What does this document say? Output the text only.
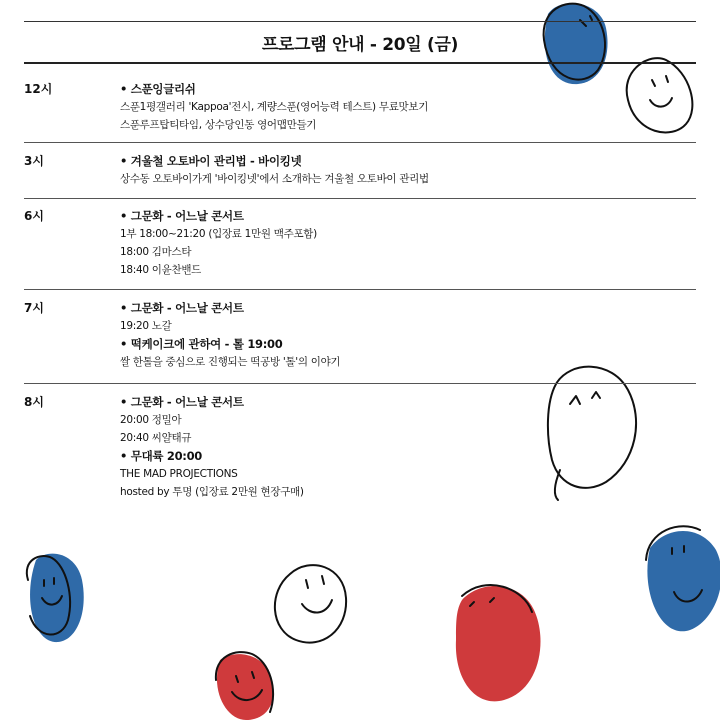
프로그램 안내 - 20일 (금)
12시	• 스푼잉글리쉬
스푼1평갤러리 'Kappoa'전시, 계량스푼(영어능력 테스트) 무료맛보기
스푼루프탑티타임, 상수당인동 영어맵만들기
3시	• 겨울철 오토바이 관리법 - 바이킹넷
상수동 오토바이가게 '바이킹넷'에서 소개하는 겨울철 오토바이 관리법
6시	• 그문화 - 어느날 콘서트
1부 18:00~21:20 (입장료 1만원 맥주포함)
18:00 김마스타
18:40 이윤찬밴드
7시	• 그문화 - 어느날 콘서트
19:20 노갈
• 떡케이크에 관하여 - 톨 19:00
쌀 한톨을 중심으로 진행되는 떡공방 '톨'의 이야기
8시	• 그문화 - 어느날 콘서트
20:00 정밀아
20:40 씨얄태규
• 무대륙 20:00
THE MAD PROJECTIONS
hosted by 투명 (입장료 2만원 현장구매)
